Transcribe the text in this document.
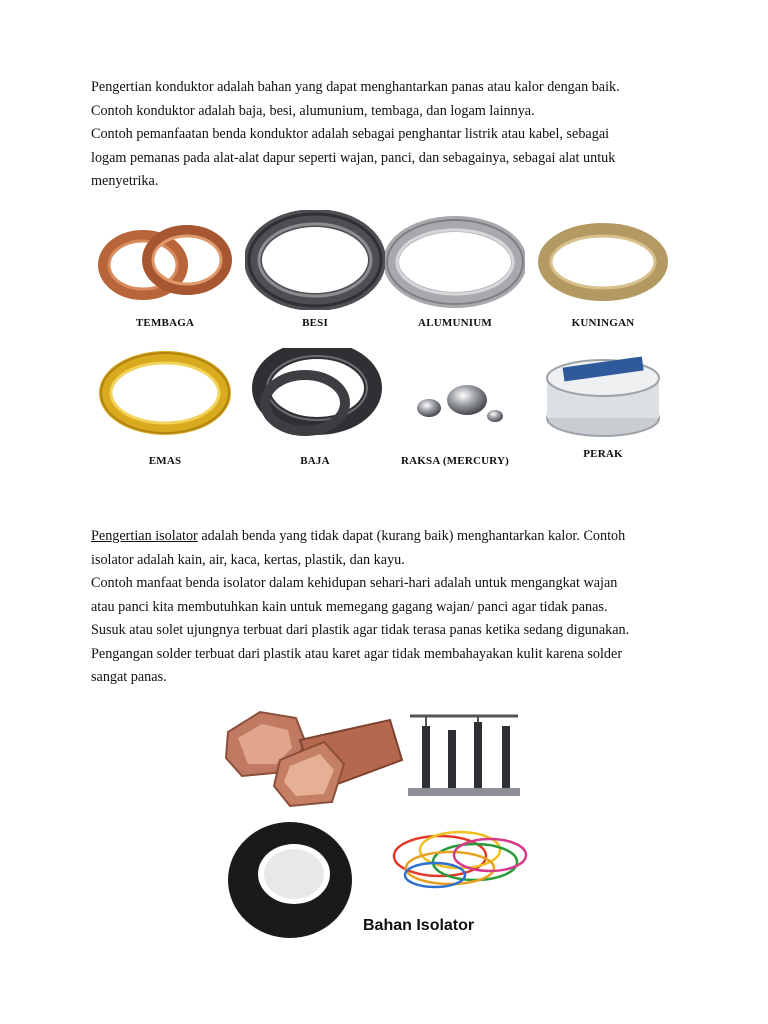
Pengertian konduktor adalah bahan yang dapat menghantarkan panas atau kalor dengan baik.
Contoh konduktor adalah baja, besi, alumunium, tembaga, dan logam lainnya.
Contoh pemanfaatan benda konduktor adalah sebagai penghantar listrik atau kabel, sebagai
logam pemanas pada alat-alat dapur seperti wajan, panci, dan sebagainya, sebagai alat untuk
menyetrika.
TEMBAGA	BESI	ALUMUNIUM	KUNINGAN
EMAS	BAJA	RAKSA (MERCURY)
PERAK
Pengertian isolator adalah benda yang tidak dapat (kurang baik) menghantarkan kalor. Contoh
isolator adalah kain, air, kaca, kertas, plastik, dan kayu.
Contoh manfaat benda isolator dalam kehidupan sehari-hari adalah untuk mengangkat wajan
atau panci kita membutuhkan kain untuk memegang gagang wajan/ panci agar tidak panas.
Susuk atau solet ujungnya terbuat dari plastik agar tidak terasa panas ketika sedang digunakan.
Pengangan solder terbuat dari plastik atau karet agar tidak membahayakan kulit karena solder
sangat panas.
Bahan Isolator
